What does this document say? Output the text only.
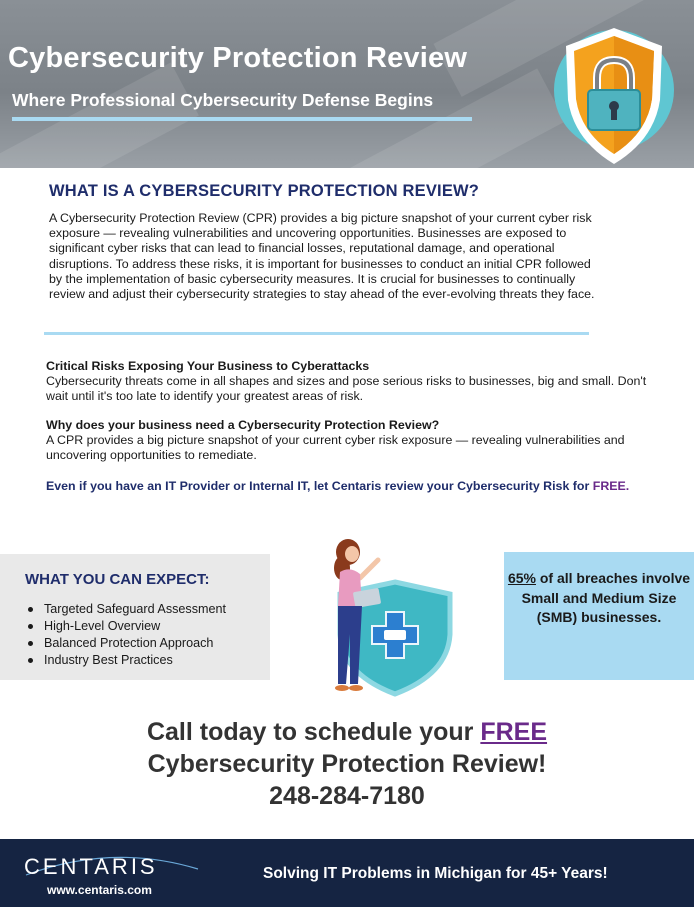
Cybersecurity Protection Review
Where Professional Cybersecurity Defense Begins
WHAT IS A CYBERSECURITY PROTECTION REVIEW?

A Cybersecurity Protection Review (CPR) provides a big picture snapshot of your current cyber risk exposure — revealing vulnerabilities and uncovering opportunities. Businesses are exposed to significant cyber risks that can lead to financial losses, reputational damage, and operational disruptions. To address these risks, it is important for businesses to conduct an initial CPR followed by the implementation of basic cybersecurity measures. It is crucial for businesses to continually review and adjust their cybersecurity strategies to stay ahead of the ever-evolving threats they face.

Critical Risks Exposing Your Business to Cyberattacks
Cybersecurity threats come in all shapes and sizes and pose serious risks to businesses, big and small. Don't wait until it's too late to identify your greatest areas of risk.
Why does your business need a Cybersecurity Protection Review?
A CPR provides a big picture snapshot of your current cyber risk exposure — revealing vulnerabilities and uncovering opportunities to remediate.
Even if you have an IT Provider or Internal IT, let Centaris review your Cybersecurity Risk for FREE.
WHAT YOU CAN EXPECT:
Targeted Safeguard Assessment
High-Level Overview
Balanced Protection Approach
Industry Best Practices
65% of all breaches involve Small and Medium Size (SMB) businesses.
Call today to schedule your FREE
Cybersecurity Protection Review!
248-284-7180
CENTARIS
www.centaris.com
Solving IT Problems in Michigan for 45+ Years!
